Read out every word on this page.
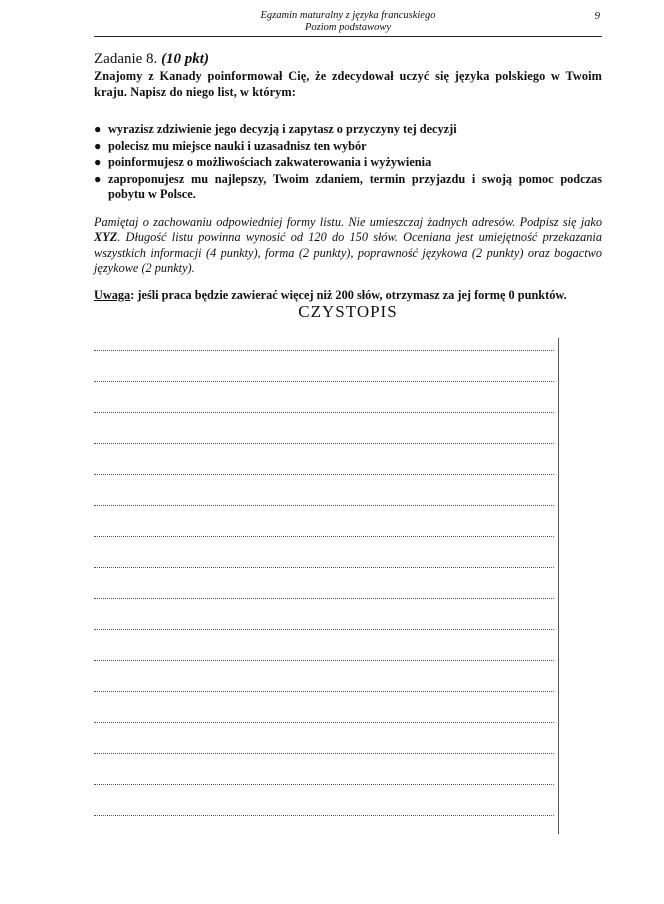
Egzamin maturalny z języka francuskiego
Poziom podstawowy
9
Zadanie 8. (10 pkt)

Znajomy z Kanady poinformował Cię, że zdecydował uczyć się języka polskiego w Twoim kraju. Napisz do niego list, w którym:

● wyrazisz zdziwienie jego decyzją i zapytasz o przyczyny tej decyzji
● polecisz mu miejsce nauki i uzasadnisz ten wybór
● poinformujesz o możliwościach zakwaterowania i wyżywienia
● zaproponujesz mu najlepszy, Twoim zdaniem, termin przyjazdu i swoją pomoc podczas pobytu w Polsce.

Pamiętaj o zachowaniu odpowiedniej formy listu. Nie umieszczaj żadnych adresów. Podpisz się jako XYZ. Długość listu powinna wynosić od 120 do 150 słów. Oceniana jest umiejętność przekazania wszystkich informacji (4 punkty), forma (2 punkty), poprawność językowa (2 punkty) oraz bogactwo językowe (2 punkty).

Uwaga: jeśli praca będzie zawierać więcej niż 200 słów, otrzymasz za jej formę 0 punktów.

CZYSTOPIS
